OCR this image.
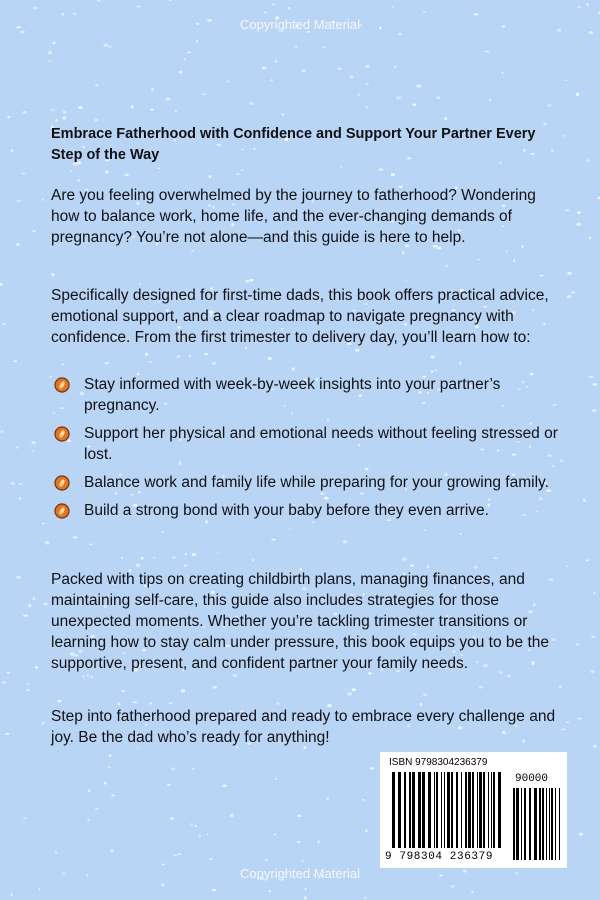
Copyrighted Material

Embrace Fatherhood with Confidence and Support Your Partner Every Step of the Way

Are you feeling overwhelmed by the journey to fatherhood? Wondering how to balance work, home life, and the ever-changing demands of pregnancy? You’re not alone—and this guide is here to help.

Specifically designed for first-time dads, this book offers practical advice, emotional support, and a clear roadmap to navigate pregnancy with confidence. From the first trimester to delivery day, you’ll learn how to:

Stay informed with week-by-week insights into your partner’s pregnancy.
Support her physical and emotional needs without feeling stressed or lost.
Balance work and family life while preparing for your growing family.
Build a strong bond with your baby before they even arrive.

Packed with tips on creating childbirth plans, managing finances, and maintaining self-care, this guide also includes strategies for those unexpected moments. Whether you’re tackling trimester transitions or learning how to stay calm under pressure, this book equips you to be the supportive, present, and confident partner your family needs.

Step into fatherhood prepared and ready to embrace every challenge and joy. Be the dad who’s ready for anything!

ISBN 9798304236379
90000
9 798304 236379
Copyrighted Material
